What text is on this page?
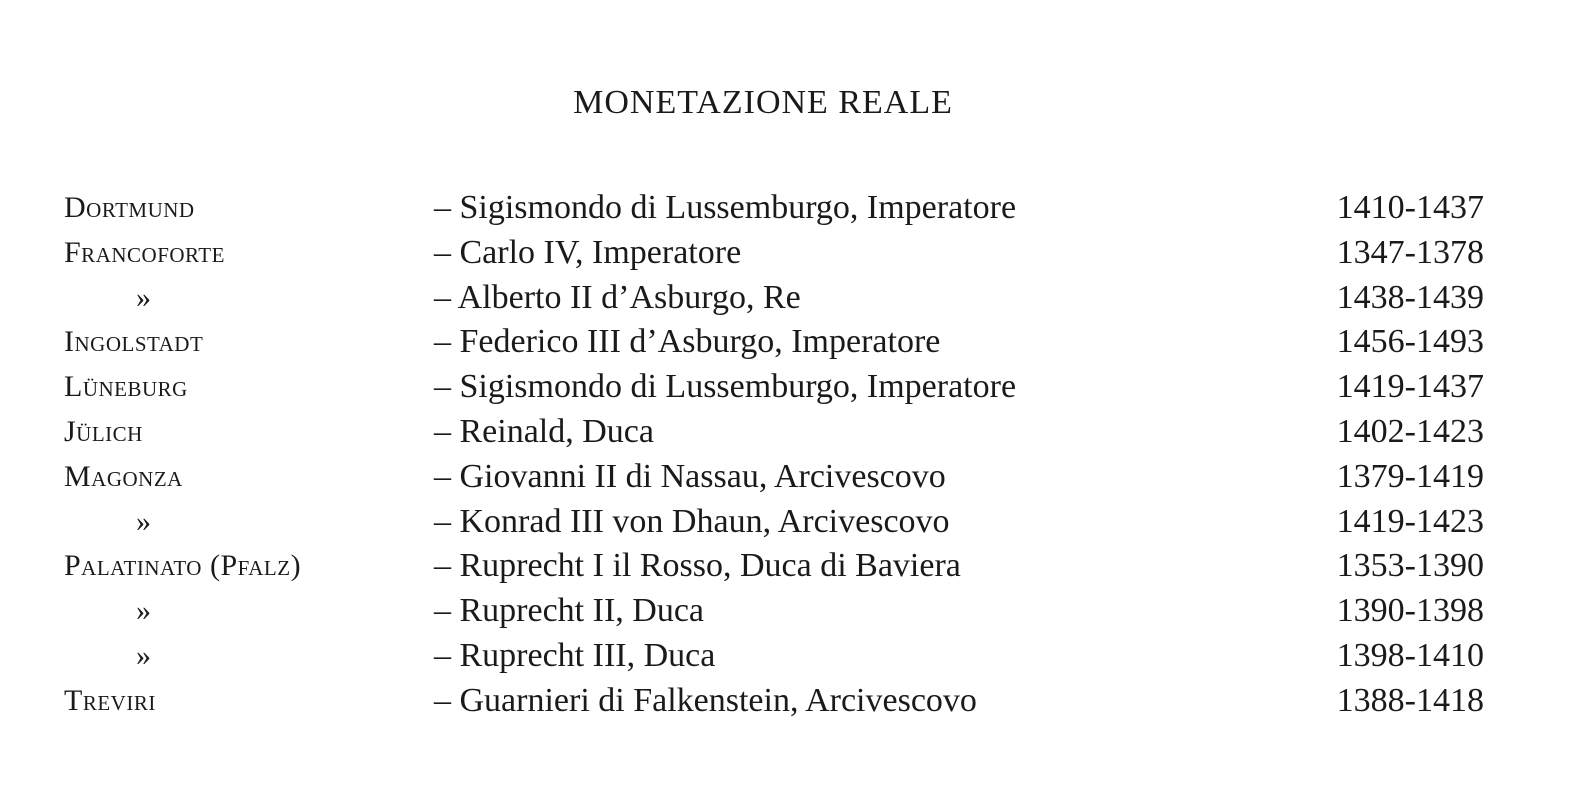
MONETAZIONE REALE
Dortmund	– Sigismondo di Lussemburgo, Imperatore	1410-1437
Francoforte	– Carlo IV, Imperatore	1347-1378
»	– Alberto II d’Asburgo, Re	1438-1439
Ingolstadt	– Federico III d’Asburgo, Imperatore	1456-1493
Lüneburg	– Sigismondo di Lussemburgo, Imperatore	1419-1437
Jülich	– Reinald, Duca	1402-1423
Magonza	– Giovanni II di Nassau, Arcivescovo	1379-1419
»	– Konrad III von Dhaun, Arcivescovo	1419-1423
Palatinato (Pfalz)	– Ruprecht I il Rosso, Duca di Baviera	1353-1390
»	– Ruprecht II, Duca	1390-1398
»	– Ruprecht III, Duca	1398-1410
Treviri	– Guarnieri di Falkenstein, Arcivescovo	1388-1418
